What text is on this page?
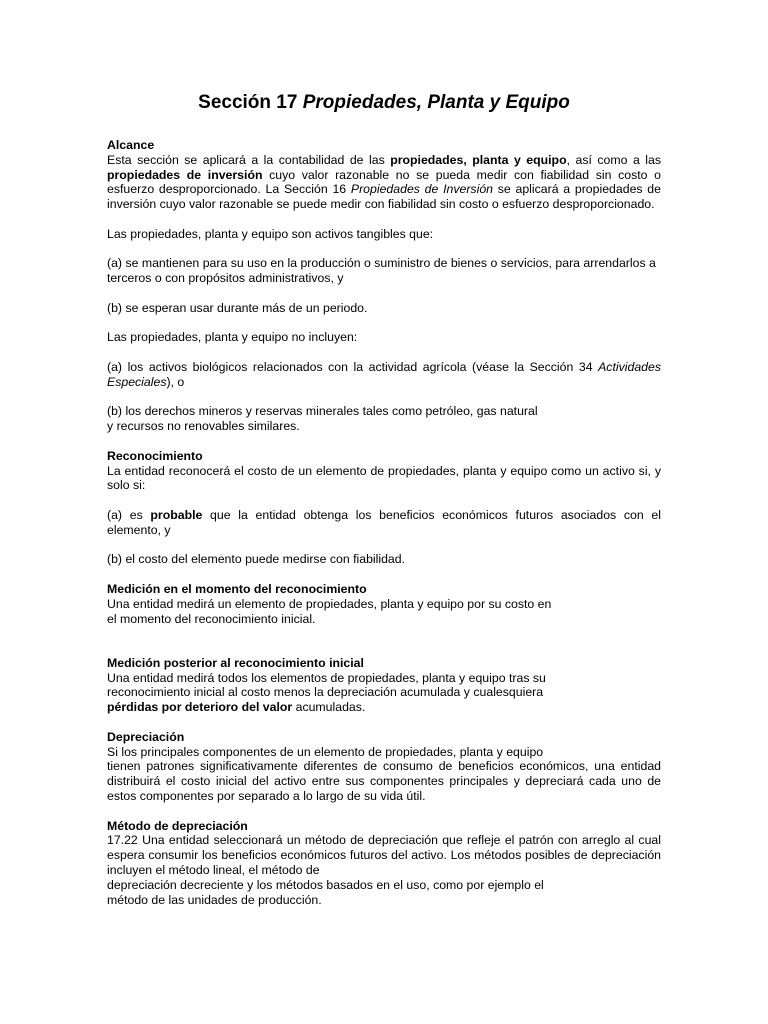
Sección 17 Propiedades, Planta y Equipo
Alcance

Esta sección se aplicará a la contabilidad de las propiedades, planta y equipo, así como a las propiedades de inversión cuyo valor razonable no se pueda medir con fiabilidad sin costo o esfuerzo desproporcionado. La Sección 16 Propiedades de Inversión se aplicará a propiedades de inversión cuyo valor razonable se puede medir con fiabilidad sin costo o esfuerzo desproporcionado.

Las propiedades, planta y equipo son activos tangibles que:

(a) se mantienen para su uso en la producción o suministro de bienes o servicios, para arrendarlos a terceros o con propósitos administrativos, y

(b) se esperan usar durante más de un periodo.

Las propiedades, planta y equipo no incluyen:

(a) los activos biológicos relacionados con la actividad agrícola (véase la Sección 34 Actividades Especiales), o

(b) los derechos mineros y reservas minerales tales como petróleo, gas natural
y recursos no renovables similares.

Reconocimiento

La entidad reconocerá el costo de un elemento de propiedades, planta y equipo como un activo si, y solo si:

(a) es probable que la entidad obtenga los beneficios económicos futuros asociados con el elemento, y

(b) el costo del elemento puede medirse con fiabilidad.

Medición en el momento del reconocimiento

Una entidad medirá un elemento de propiedades, planta y equipo por su costo en
el momento del reconocimiento inicial.

Medición posterior al reconocimiento inicial

Una entidad medirá todos los elementos de propiedades, planta y equipo tras su
reconocimiento inicial al costo menos la depreciación acumulada y cualesquiera
pérdidas por deterioro del valor acumuladas.

Depreciación

Si los principales componentes de un elemento de propiedades, planta y equipo
tienen patrones significativamente diferentes de consumo de beneficios económicos, una entidad distribuirá el costo inicial del activo entre sus componentes principales y depreciará cada uno de estos componentes por separado a lo largo de su vida útil.

Método de depreciación

17.22 Una entidad seleccionará un método de depreciación que refleje el patrón con arreglo al cual espera consumir los beneficios económicos futuros del activo. Los métodos posibles de depreciación incluyen el método lineal, el método de
depreciación decreciente y los métodos basados en el uso, como por ejemplo el
método de las unidades de producción.
